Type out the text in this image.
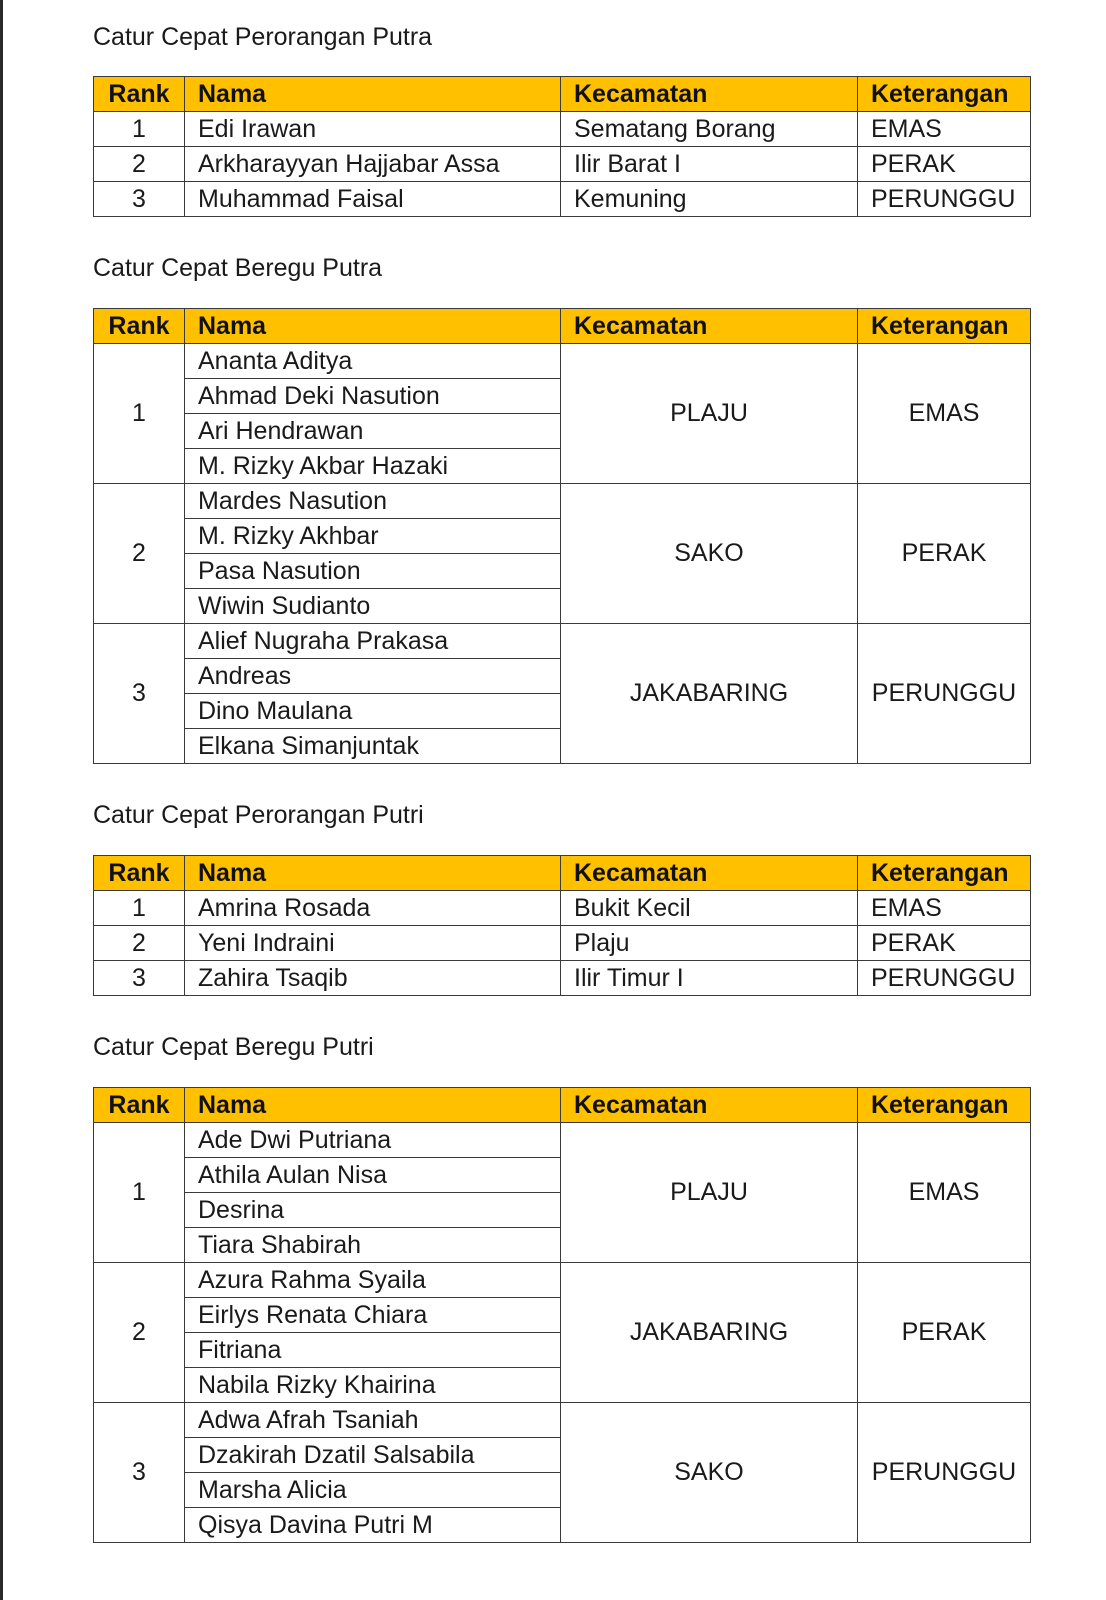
Catur Cepat Perorangan Putra
Rank	Nama	Kecamatan	Keterangan
1	Edi Irawan	Sematang Borang	EMAS
2	Arkharayyan Hajjabar Assa	Ilir Barat I	PERAK
3	Muhammad Faisal	Kemuning	PERUNGGU
Catur Cepat Beregu Putra
Rank	Nama	Kecamatan	Keterangan
1	Ananta Aditya	PLAJU	EMAS
	Ahmad Deki Nasution		
	Ari Hendrawan		
	M. Rizky Akbar Hazaki		
2	Mardes Nasution	SAKO	PERAK
	M. Rizky Akhbar		
	Pasa Nasution		
	Wiwin Sudianto		
3	Alief Nugraha Prakasa	JAKABARING	PERUNGGU
	Andreas		
	Dino Maulana		
	Elkana Simanjuntak		
Catur Cepat Perorangan Putri
Rank	Nama	Kecamatan	Keterangan
1	Amrina Rosada	Bukit Kecil	EMAS
2	Yeni Indraini	Plaju	PERAK
3	Zahira Tsaqib	Ilir Timur I	PERUNGGU
Catur Cepat Beregu Putri
Rank	Nama	Kecamatan	Keterangan
1	Ade Dwi Putriana	PLAJU	EMAS
	Athila Aulan Nisa		
	Desrina		
	Tiara Shabirah		
2	Azura Rahma Syaila	JAKABARING	PERAK
	Eirlys Renata Chiara		
	Fitriana		
	Nabila Rizky Khairina		
3	Adwa Afrah Tsaniah	SAKO	PERUNGGU
	Dzakirah Dzatil Salsabila		
	Marsha Alicia		
	Qisya Davina Putri M		
